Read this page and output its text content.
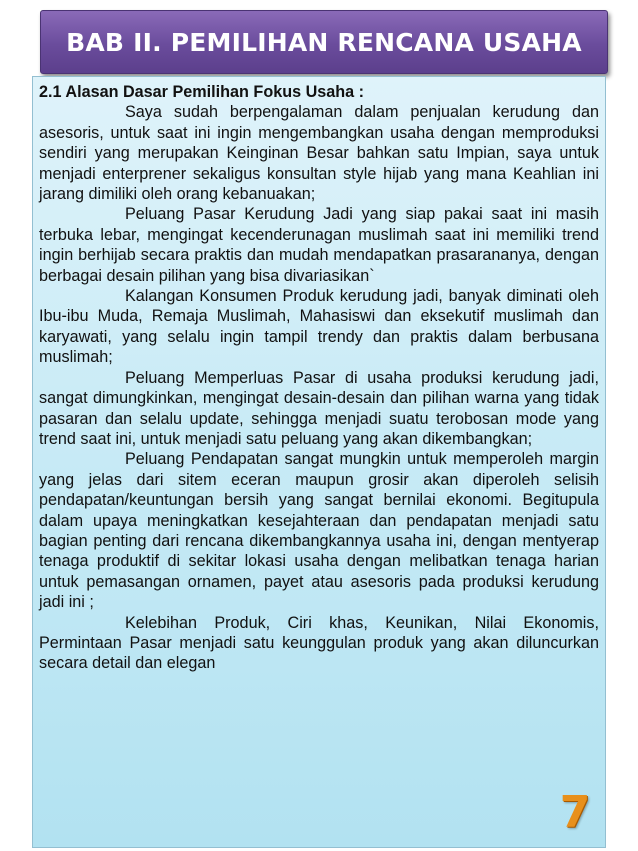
BAB II. PEMILIHAN RENCANA USAHA

2.1 Alasan Dasar Pemilihan Fokus Usaha :

Saya sudah berpengalaman dalam penjualan kerudung dan asesoris, untuk saat ini ingin mengembangkan usaha dengan memproduksi sendiri yang merupakan Keinginan Besar bahkan satu Impian, saya untuk menjadi enterprener sekaligus konsultan style hijab yang mana Keahlian ini jarang dimiliki oleh orang kebanuakan;

Peluang Pasar Kerudung Jadi yang siap pakai saat ini masih terbuka lebar, mengingat kecenderunagan muslimah saat ini memiliki trend ingin berhijab secara praktis dan mudah mendapatkan prasarananya, dengan berbagai desain pilihan yang bisa divariasikan`

Kalangan Konsumen Produk kerudung jadi, banyak diminati oleh Ibu-ibu Muda, Remaja Muslimah, Mahasiswi dan eksekutif muslimah dan karyawati, yang selalu ingin tampil trendy dan praktis dalam berbusana muslimah;

Peluang Memperluas Pasar di usaha produksi kerudung jadi, sangat dimungkinkan, mengingat desain-desain dan pilihan warna yang tidak pasaran dan selalu update, sehingga menjadi suatu terobosan mode yang trend saat ini, untuk menjadi satu peluang yang akan dikembangkan;

Peluang Pendapatan sangat mungkin untuk memperoleh margin yang jelas dari sitem eceran maupun grosir akan diperoleh selisih pendapatan/keuntungan bersih yang sangat bernilai ekonomi. Begitupula dalam upaya meningkatkan kesejahteraan dan pendapatan menjadi satu bagian penting dari rencana dikembangkannya usaha ini, dengan mentyerap tenaga produktif di sekitar lokasi usaha dengan melibatkan tenaga harian untuk pemasangan ornamen, payet atau asesoris pada produksi kerudung jadi ini ;

Kelebihan Produk, Ciri khas, Keunikan, Nilai Ekonomis, Permintaan Pasar menjadi satu keunggulan produk yang akan diluncurkan secara detail dan elegan

7
